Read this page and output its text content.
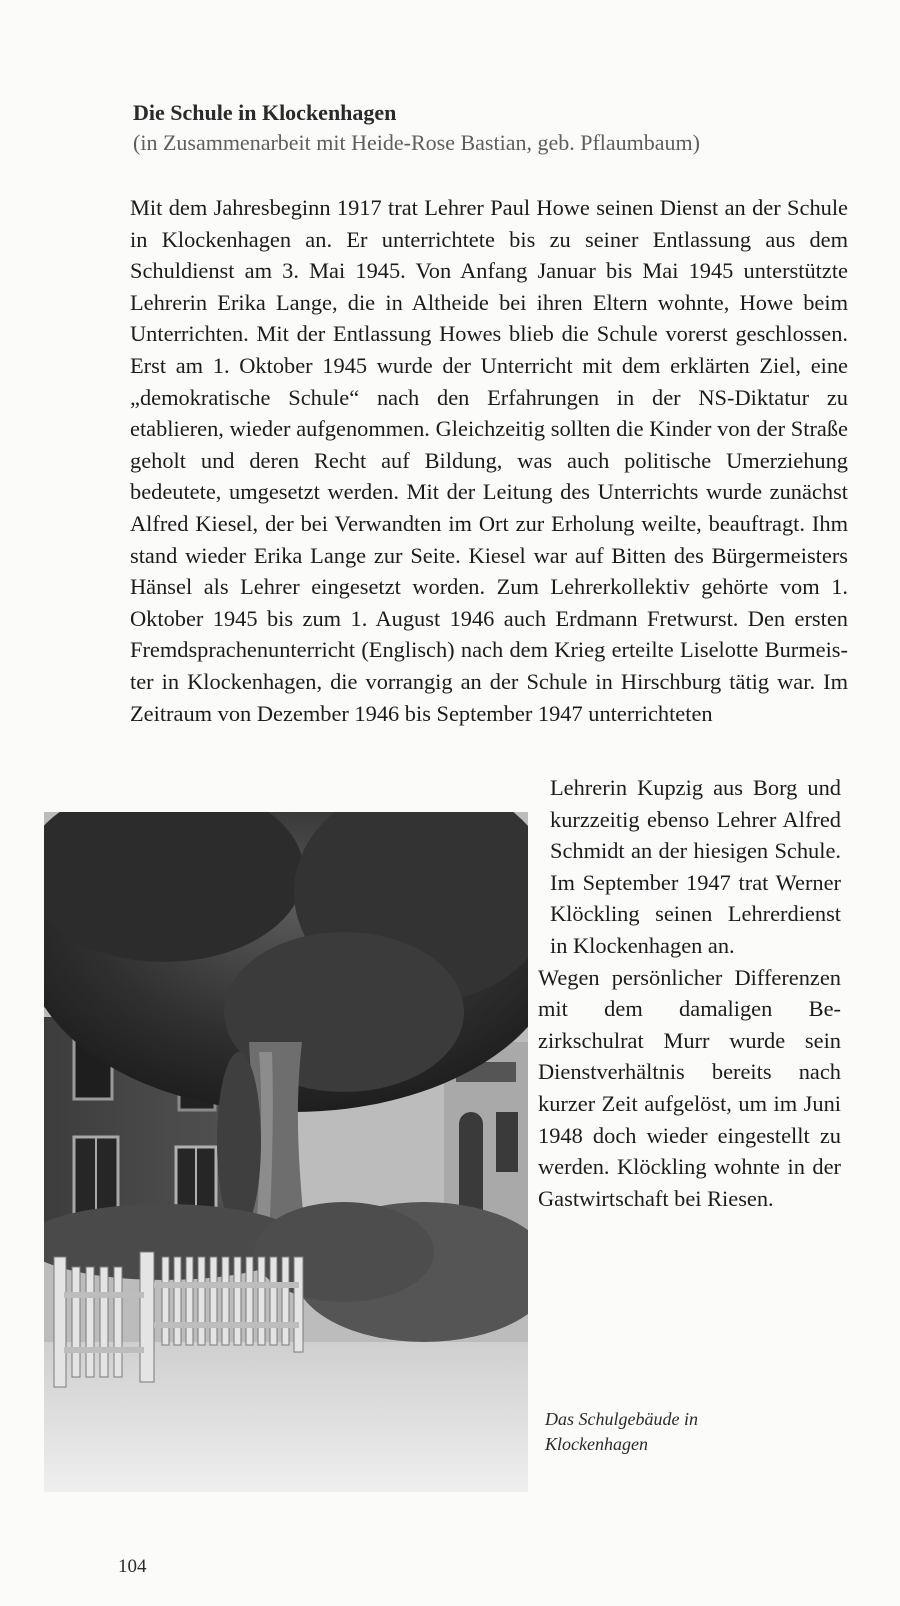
Die Schule in Klockenhagen
(in Zusammenarbeit mit Heide-Rose Bastian, geb. Pflaumbaum)

Mit dem Jahresbeginn 1917 trat Lehrer Paul Howe seinen Dienst an der Schule in Klockenhagen an. Er unterrichtete bis zu seiner Entlassung aus dem Schuldienst am 3. Mai 1945. Von Anfang Januar bis Mai 1945 unterstützte Lehrerin Erika Lange, die in Altheide bei ihren Eltern wohnte, Howe beim Unterrichten. Mit der Entlassung Howes blieb die Schule vorerst geschlossen. Erst am 1. Oktober 1945 wurde der Unterricht mit dem erklärten Ziel, eine „demokratische Schule“ nach den Erfahrungen in der NS-Diktatur zu etablieren, wieder aufgenommen. Gleichzeitig sollten die Kinder von der Straße geholt und deren Recht auf Bildung, was auch politische Umerziehung bedeutete, umgesetzt werden. Mit der Leitung des Unterrichts wurde zunächst Alfred Kiesel, der bei Verwandten im Ort zur Erholung weilte, beauftragt. Ihm stand wieder Erika Lange zur Seite. Kiesel war auf Bitten des Bürgermeisters Hänsel als Lehrer eingesetzt worden. Zum Lehrerkollektiv gehörte vom 1. Oktober 1945 bis zum 1. August 1946 auch Erdmann Fretwurst. Den ersten Fremdsprachenunterricht (Englisch) nach dem Krieg erteilte Liselotte Burmeister in Klockenhagen, die vorrangig an der Schule in Hirschburg tätig war. Im Zeitraum von Dezember 1946 bis September 1947 unterrichteten

Lehrerin Kupzig aus Borg und kurzzeitig ebenso Lehrer Alfred Schmidt an der hiesigen Schule. Im September 1947 trat Werner Klöckling seinen Lehrerdienst in Klockenhagen an.

Wegen persönlicher Differenzen mit dem damaligen Bezirkschulrat Murr wurde sein Dienstverhältnis bereits nach kurzer Zeit aufgelöst, um im Juni 1948 doch wieder eingestellt zu werden. Klöckling wohnte in der Gastwirtschaft bei Riesen.

Das Schulgebäude in Klockenhagen
104
